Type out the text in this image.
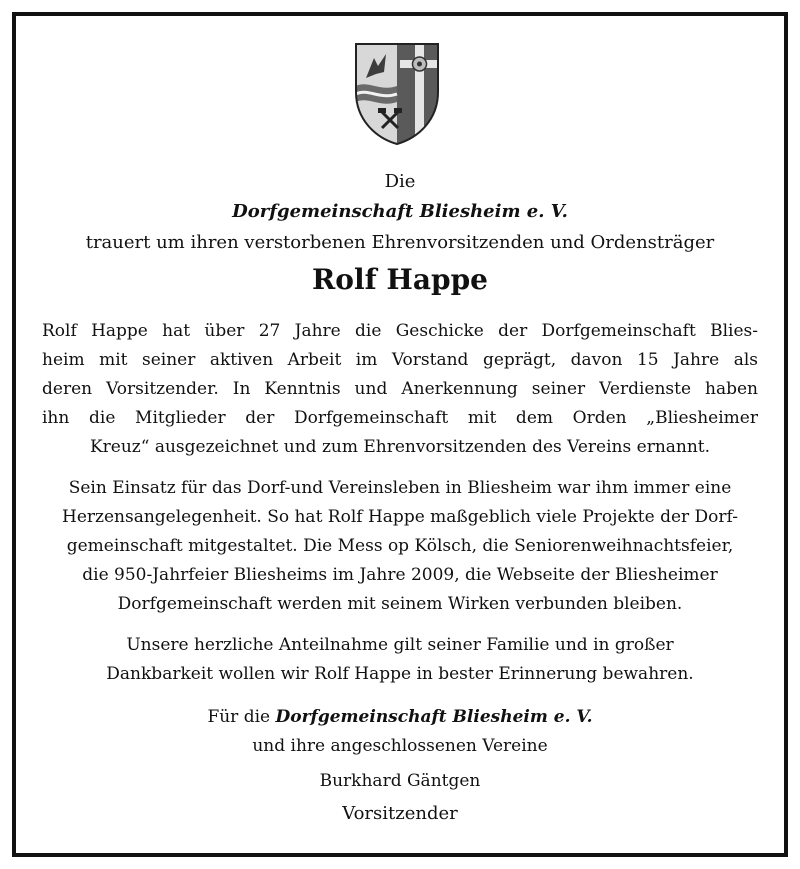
Die
Dorfgemeinschaft Bliesheim e. V.
trauert um ihren verstorbenen Ehrenvorsitzenden und Ordensträger
Rolf Happe
Rolf Happe hat über 27 Jahre die Geschicke der Dorfgemeinschaft Blies-
heim mit seiner aktiven Arbeit im Vorstand geprägt, davon 15 Jahre als
deren Vorsitzender. In Kenntnis und Anerkennung seiner Verdienste haben
ihn die Mitglieder der Dorfgemeinschaft mit dem Orden „Bliesheimer
Kreuz“ ausgezeichnet und zum Ehrenvorsitzenden des Vereins ernannt.
Sein Einsatz für das Dorf-und Vereinsleben in Bliesheim war ihm immer eine
Herzensangelegenheit. So hat Rolf Happe maßgeblich viele Projekte der Dorf-
gemeinschaft mitgestaltet. Die Mess op Kölsch, die Seniorenweihnachtsfeier,
die 950-Jahrfeier Bliesheims im Jahre 2009, die Webseite der Bliesheimer
Dorfgemeinschaft werden mit seinem Wirken verbunden bleiben.
Unsere herzliche Anteilnahme gilt seiner Familie und in großer
Dankbarkeit wollen wir Rolf Happe in bester Erinnerung bewahren.
Für die Dorfgemeinschaft Bliesheim e. V.
und ihre angeschlossenen Vereine
Burkhard Gäntgen
Vorsitzender
